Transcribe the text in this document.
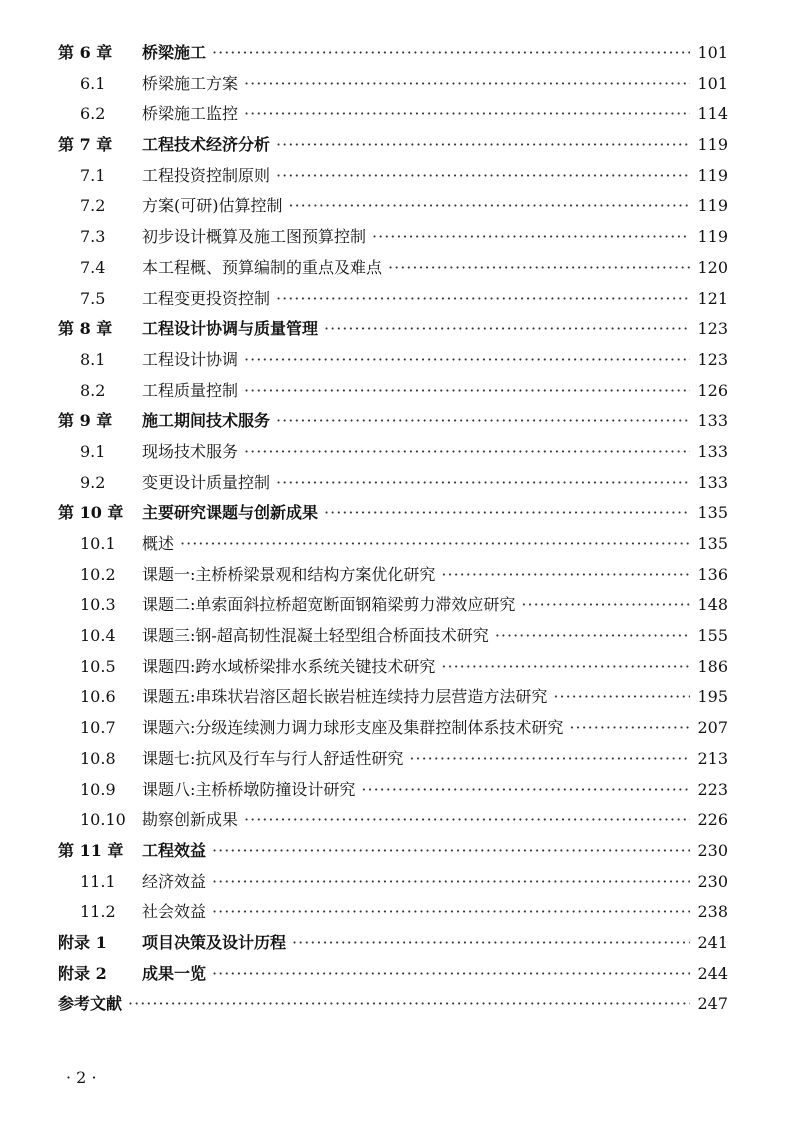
第 6 章	桥梁施工 ·····	101
6.1	桥梁施工方案 ·····	101
6.2	桥梁施工监控 ·····	114
第 7 章	工程技术经济分析 ·····	119
7.1	工程投资控制原则 ·····	119
7.2	方案(可研)估算控制 ·····	119
7.3	初步设计概算及施工图预算控制 ·····	119
7.4	本工程概、预算编制的重点及难点 ·····	120
7.5	工程变更投资控制 ·····	121
第 8 章	工程设计协调与质量管理 ·····	123
8.1	工程设计协调 ·····	123
8.2	工程质量控制 ·····	126
第 9 章	施工期间技术服务 ·····	133
9.1	现场技术服务 ·····	133
9.2	变更设计质量控制 ·····	133
第 10 章	主要研究课题与创新成果 ·····	135
10.1	概述 ·····	135
10.2	课题一:主桥桥梁景观和结构方案优化研究 ·····	136
10.3	课题二:单索面斜拉桥超宽断面钢箱梁剪力滞效应研究 ·····	148
10.4	课题三:钢-超高韧性混凝土轻型组合桥面技术研究 ·····	155
10.5	课题四:跨水域桥梁排水系统关键技术研究 ·····	186
10.6	课题五:串珠状岩溶区超长嵌岩桩连续持力层营造方法研究 ·····	195
10.7	课题六:分级连续测力调力球形支座及集群控制体系技术研究 ·····	207
10.8	课题七:抗风及行车与行人舒适性研究 ·····	213
10.9	课题八:主桥桥墩防撞设计研究 ·····	223
10.10	勘察创新成果 ·····	226
第 11 章	工程效益 ·····	230
11.1	经济效益 ·····	230
11.2	社会效益 ·····	238
附录 1	项目决策及设计历程 ·····	241
附录 2	成果一览 ·····	244
参考文献 ·····	247
· 2 ·
